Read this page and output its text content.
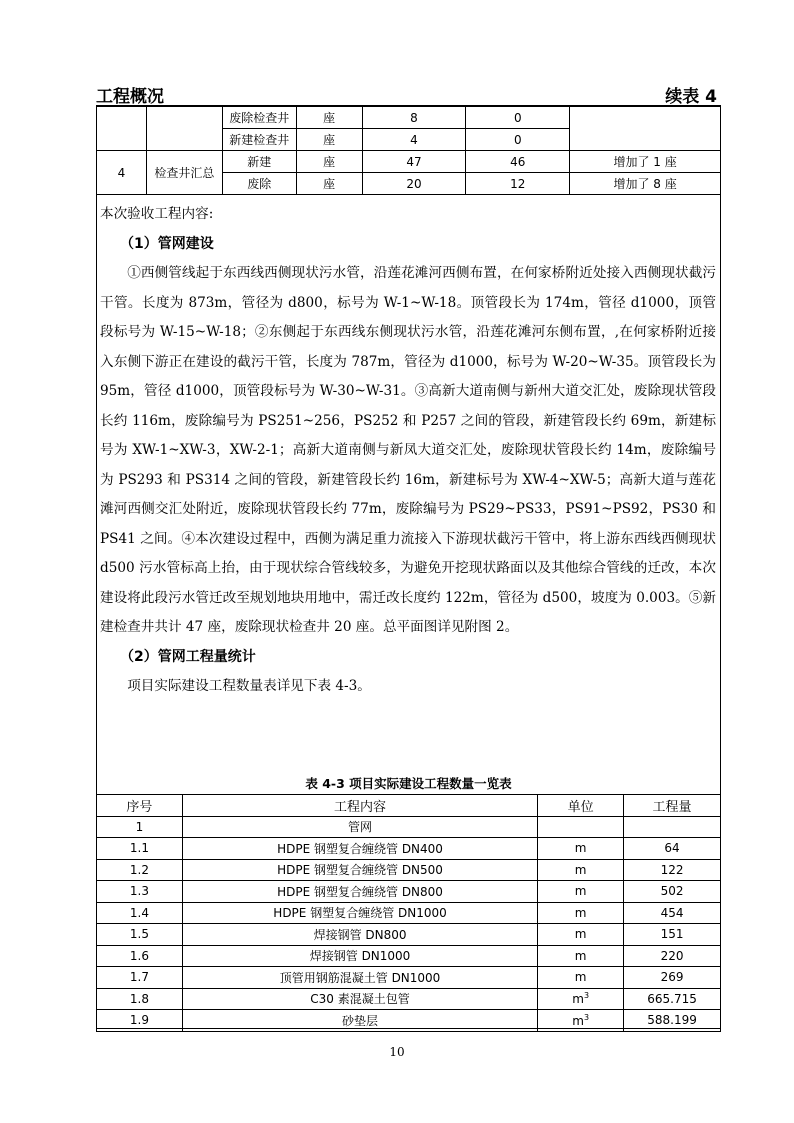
工程概况	续表 4
		废除检查井	座	8	0	
		新建检查井	座	4	0	
4	检查井汇总	新建	座	47	46	增加了 1 座
		废除	座	20	12	增加了 8 座

本次验收工程内容:

（1）管网建设

①西侧管线起于东西线西侧现状污水管，沿莲花滩河西侧布置，在何家桥附近处接入西侧现状截污干管。长度为 873m，管径为 d800，标号为 W-1~W-18。顶管段长为 174m，管径 d1000，顶管段标号为 W-15~W-18；②东侧起于东西线东侧现状污水管，沿莲花滩河东侧布置，,在何家桥附近接入东侧下游正在建设的截污干管，长度为 787m，管径为 d1000，标号为 W-20~W-35。顶管段长为 95m，管径 d1000，顶管段标号为 W-30~W-31。③高新大道南侧与新州大道交汇处，废除现状管段长约 116m，废除编号为 PS251~256，PS252 和 P257 之间的管段，新建管段长约 69m，新建标号为 XW-1~XW-3，XW-2-1；高新大道南侧与新凤大道交汇处，废除现状管段长约 14m，废除编号为 PS293 和 PS314 之间的管段，新建管段长约 16m，新建标号为 XW-4~XW-5；高新大道与莲花滩河西侧交汇处附近，废除现状管段长约 77m，废除编号为 PS29~PS33，PS91~PS92，PS30 和 PS41 之间。④本次建设过程中，西侧为满足重力流接入下游现状截污干管中，将上游东西线西侧现状 d500 污水管标高上抬，由于现状综合管线较多，为避免开挖现状路面以及其他综合管线的迁改，本次建设将此段污水管迁改至规划地块用地中，需迁改长度约 122m，管径为 d500，坡度为 0.003。⑤新建检查井共计 47 座，废除现状检查井 20 座。总平面图详见附图 2。

（2）管网工程量统计

项目实际建设工程数量表详见下表 4-3。

表 4-3 项目实际建设工程数量一览表
序号	工程内容	单位	工程量
1	管网		
1.1	HDPE 钢塑复合缠绕管 DN400	m	64
1.2	HDPE 钢塑复合缠绕管 DN500	m	122
1.3	HDPE 钢塑复合缠绕管 DN800	m	502
1.4	HDPE 钢塑复合缠绕管 DN1000	m	454
1.5	焊接钢管 DN800	m	151
1.6	焊接钢管 DN1000	m	220
1.7	顶管用钢筋混凝土管 DN1000	m	269
1.8	C30 素混凝土包管	$m^3$	665.715
1.9	砂垫层	$m^3$	588.199
10
